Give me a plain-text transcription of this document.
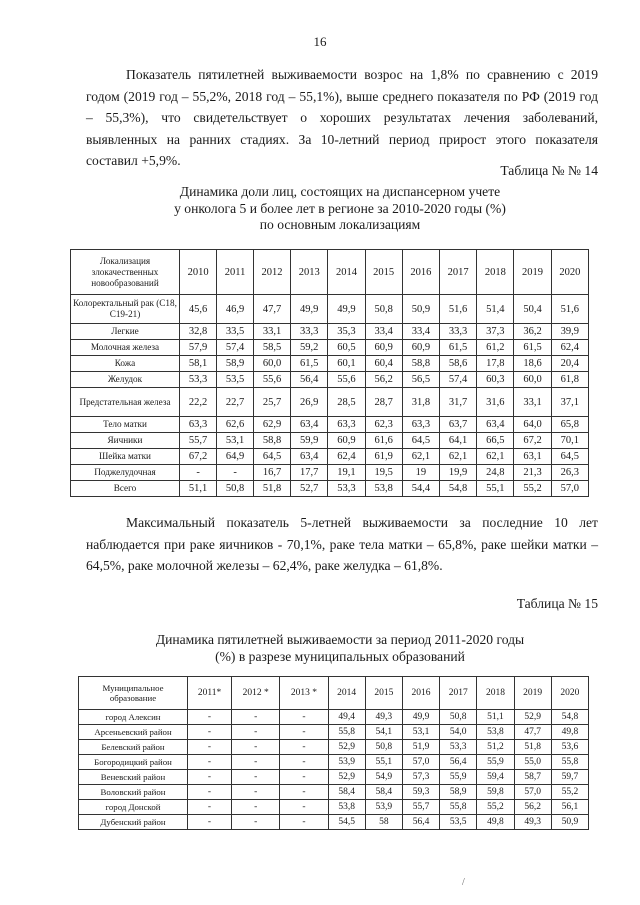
16

Показатель пятилетней выживаемости возрос на 1,8% по сравнению с 2019 годом (2019 год – 55,2%, 2018 год – 55,1%), выше среднего показателя по РФ (2019 год – 55,3%), что свидетельствует о хороших результатах лечения заболеваний, выявленных на ранних стадиях. За 10-летний период прирост этого показателя составил +5,9%.

Таблица № № 14
Динамика доли лиц, состоящих на диспансерном учете
у онколога 5 и более лет в регионе за 2010-2020 годы (%)
по основным локализациям
Локализация злокачественных новообразований	2010	2011	2012	2013	2014	2015	2016	2017	2018	2019	2020
Колоректальный рак (С18, С19-21)	45,6	46,9	47,7	49,9	49,9	50,8	50,9	51,6	51,4	50,4	51,6
Легкие	32,8	33,5	33,1	33,3	35,3	33,4	33,4	33,3	37,3	36,2	39,9
Молочная железа	57,9	57,4	58,5	59,2	60,5	60,9	60,9	61,5	61,2	61,5	62,4
Кожа	58,1	58,9	60,0	61,5	60,1	60,4	58,8	58,6	17,8	18,6	20,4
Желудок	53,3	53,5	55,6	56,4	55,6	56,2	56,5	57,4	60,3	60,0	61,8
Предстательная железа	22,2	22,7	25,7	26,9	28,5	28,7	31,8	31,7	31,6	33,1	37,1
Тело матки	63,3	62,6	62,9	63,4	63,3	62,3	63,3	63,7	63,4	64,0	65,8
Яичники	55,7	53,1	58,8	59,9	60,9	61,6	64,5	64,1	66,5	67,2	70,1
Шейка матки	67,2	64,9	64,5	63,4	62,4	61,9	62,1	62,1	62,1	63,1	64,5
Поджелудочная	-	-	16,7	17,7	19,1	19,5	19	19,9	24,8	21,3	26,3
Всего	51,1	50,8	51,8	52,7	53,3	53,8	54,4	54,8	55,1	55,2	57,0

Максимальный показатель 5-летней выживаемости за последние 10 лет наблюдается при раке яичников - 70,1%, раке тела матки – 65,8%, раке шейки матки – 64,5%, раке молочной железы – 62,4%, раке желудка – 61,8%.

Таблица № 15
Динамика пятилетней выживаемости за период 2011-2020 годы
(%) в разрезе муниципальных образований
Муниципальное образование	2011*	2012 *	2013 *	2014	2015	2016	2017	2018	2019	2020
город Алексин	-	-	-	49,4	49,3	49,9	50,8	51,1	52,9	54,8
Арсеньевский район	-	-	-	55,8	54,1	53,1	54,0	53,8	47,7	49,8
Белевский район	-	-	-	52,9	50,8	51,9	53,3	51,2	51,8	53,6
Богородицкий район	-	-	-	53,9	55,1	57,0	56,4	55,9	55,0	55,8
Веневский район	-	-	-	52,9	54,9	57,3	55,9	59,4	58,7	59,7
Воловский район	-	-	-	58,4	58,4	59,3	58,9	59,8	57,0	55,2
город Донской	-	-	-	53,8	53,9	55,7	55,8	55,2	56,2	56,1
Дубенский район	-	-	-	54,5	58	56,4	53,5	49,8	49,3	50,9
/
